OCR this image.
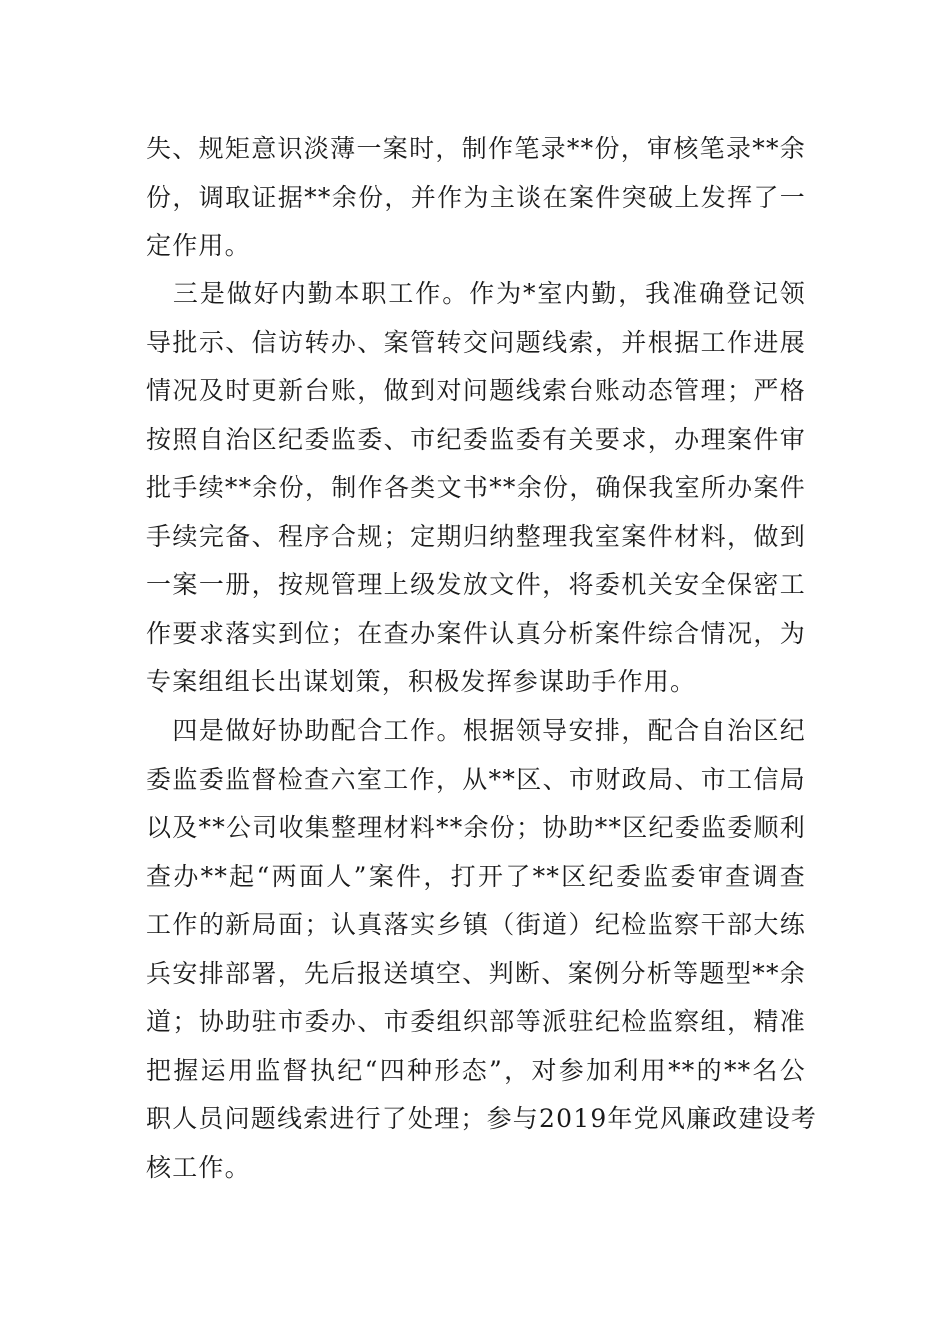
失、规矩意识淡薄一案时，制作笔录**份，审核笔录**余
份，调取证据**余份，并作为主谈在案件突破上发挥了一
定作用。
　三是做好内勤本职工作。作为*室内勤，我准确登记领
导批示、信访转办、案管转交问题线索，并根据工作进展
情况及时更新台账，做到对问题线索台账动态管理；严格
按照自治区纪委监委、市纪委监委有关要求，办理案件审
批手续**余份，制作各类文书**余份，确保我室所办案件
手续完备、程序合规；定期归纳整理我室案件材料，做到
一案一册，按规管理上级发放文件，将委机关安全保密工
作要求落实到位；在查办案件认真分析案件综合情况，为
专案组组长出谋划策，积极发挥参谋助手作用。
　四是做好协助配合工作。根据领导安排，配合自治区纪
委监委监督检查六室工作，从**区、市财政局、市工信局
以及**公司收集整理材料**余份；协助**区纪委监委顺利
查办**起“两面人”案件，打开了**区纪委监委审查调查
工作的新局面；认真落实乡镇（街道）纪检监察干部大练
兵安排部署，先后报送填空、判断、案例分析等题型**余
道；协助驻市委办、市委组织部等派驻纪检监察组，精准
把握运用监督执纪“四种形态”，对参加利用**的**名公
职人员问题线索进行了处理；参与2019年党风廉政建设考
核工作。
